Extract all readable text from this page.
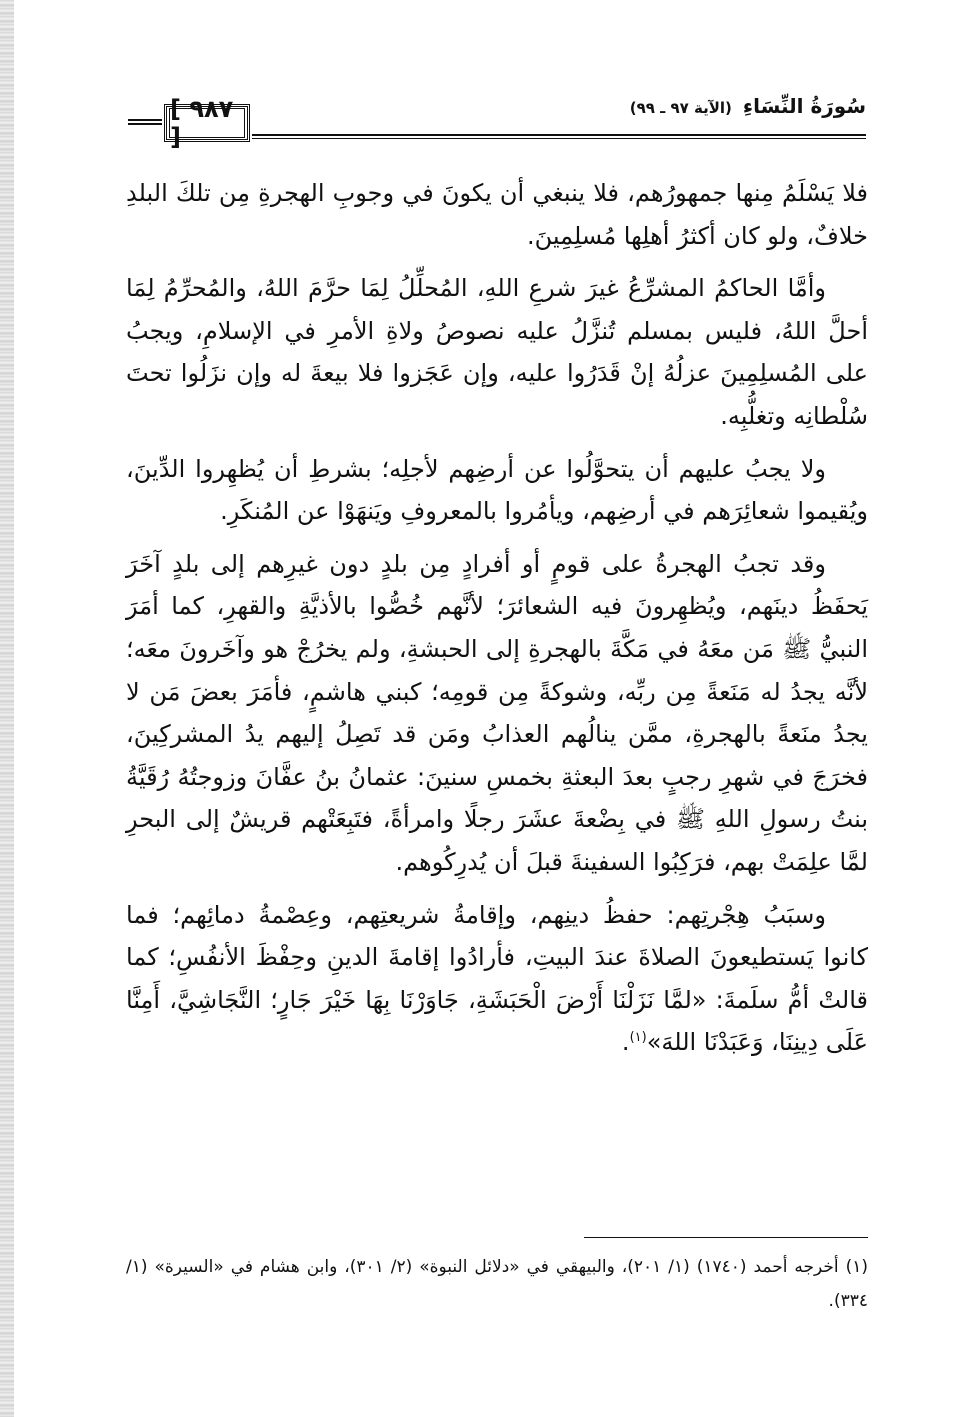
[ ٩٨٧ ]
سُورَةُ النِّسَاءِ (الآية ٩٧ ـ ٩٩)

فلا يَسْلَمُ مِنها جمهورُهم، فلا ينبغي أن يكونَ في وجوبِ الهجرةِ مِن تلكَ البلدِ خلافٌ، ولو كان أكثرُ أهلِها مُسلِمِينَ.

وأمَّا الحاكمُ المشرِّعُ غيرَ شرعِ اللهِ، المُحلِّلُ لِمَا حرَّمَ اللهُ، والمُحرِّمُ لِمَا أحلَّ اللهُ، فليس بمسلم تُنزَّلُ عليه نصوصُ ولاةِ الأمرِ في الإسلامِ، ويجبُ على المُسلِمِينَ عزلُهُ إنْ قَدَرُوا عليه، وإن عَجَزوا فلا بيعةَ له وإن نزَلُوا تحتَ سُلْطانِه وتغلُّبِه.

ولا يجبُ عليهم أن يتحوَّلُوا عن أرضِهم لأجلِه؛ بشرطِ أن يُظهِروا الدِّينَ، ويُقيموا شعائِرَهم في أرضِهم، ويأمُروا بالمعروفِ ويَنهَوْا عن المُنكَرِ.

وقد تجبُ الهجرةُ على قومٍ أو أفرادٍ مِن بلدٍ دون غيرِهم إلى بلدٍ آخَرَ يَحفَظُ دينَهم، ويُظهِرونَ فيه الشعائرَ؛ لأنَّهم خُصُّوا بالأذيَّةِ والقهرِ، كما أمَرَ النبيُّ ﷺ مَن معَهُ في مَكَّةَ بالهجرةِ إلى الحبشةِ، ولم يخرُجْ هو وآخَرونَ معَه؛ لأنَّه يجدُ له مَنَعةً مِن ربِّه، وشوكةً مِن قومِه؛ كبني هاشمٍ، فأمَرَ بعضَ مَن لا يجدُ منَعةً بالهجرةِ، ممَّن ينالُهم العذابُ ومَن قد تَصِلُ إليهم يدُ المشركِينَ، فخرَجَ في شهرِ رجبٍ بعدَ البعثةِ بخمسِ سنينَ: عثمانُ بنُ عفَّانَ وزوجتُهُ رُقَيَّةُ بنتُ رسولِ اللهِ ﷺ في بِضْعةَ عشَرَ رجلًا وامرأةً، فتَبِعَتْهم قريشٌ إلى البحرِ لمَّا علِمَتْ بهم، فرَكِبُوا السفينةَ قبلَ أن يُدرِكُوهم.

وسبَبُ هِجْرتِهم: حفظُ دينِهم، وإقامةُ شريعتِهم، وعِصْمةُ دمائِهم؛ فما كانوا يَستطيعونَ الصلاةَ عندَ البيتِ، فأرادُوا إقامةَ الدينِ وحِفْظَ الأنفُسِ؛ كما قالتْ أمُّ سلَمةَ: «لمَّا نَزَلْنَا أَرْضَ الْحَبَشَةِ، جَاوَرْنَا بِهَا خَيْرَ جَارٍ؛ النَّجَاشِيَّ، أَمِنَّا عَلَى دِينِنَا، وَعَبَدْنَا اللهَ»$^{(١)}$.

(١) أخرجه أحمد (١٧٤٠) (١/ ٢٠١)، والبيهقي في «دلائل النبوة» (٢/ ٣٠١)، وابن هشام في «السيرة» (١/ ٣٣٤).
